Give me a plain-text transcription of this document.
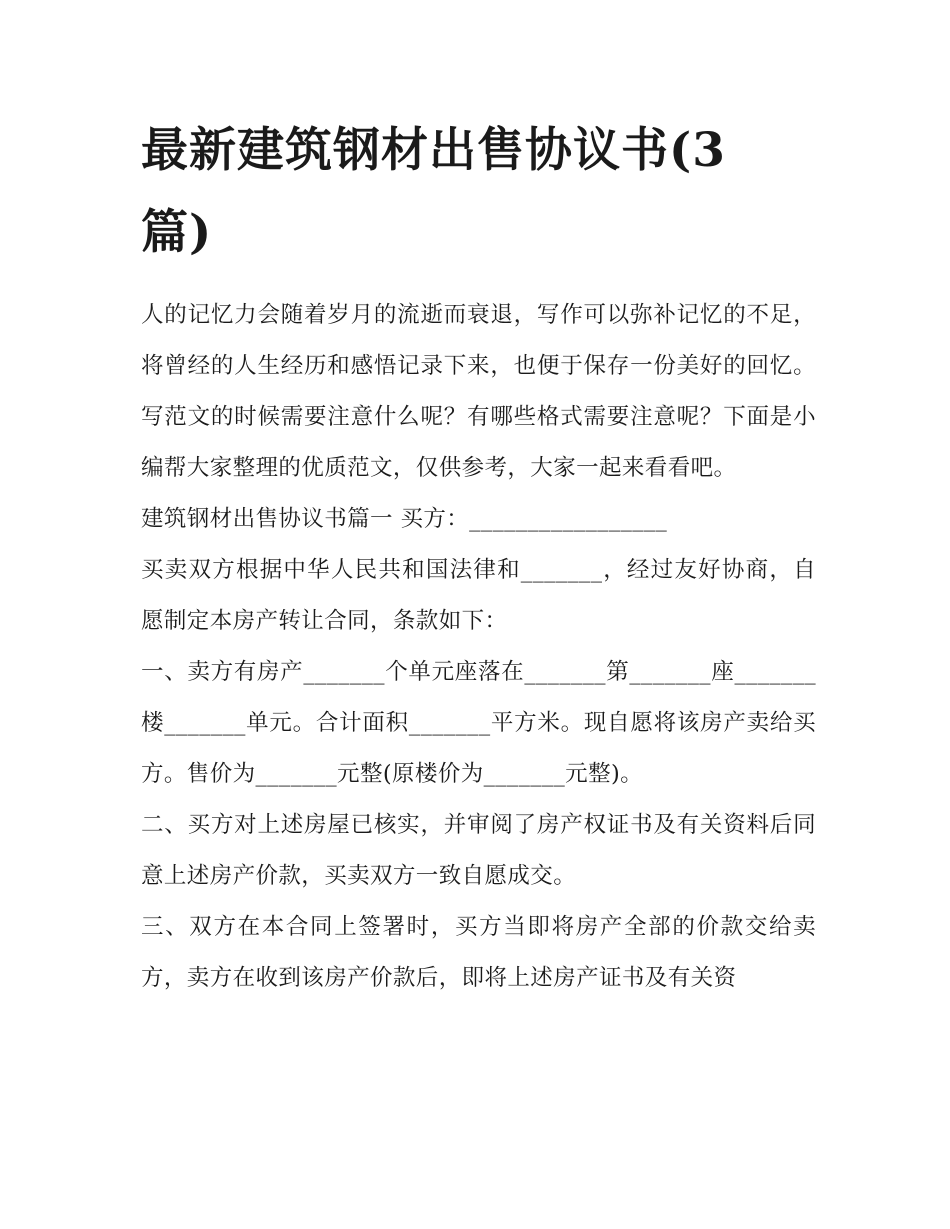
最新建筑钢材出售协议书(3篇)

人的记忆力会随着岁月的流逝而衰退，写作可以弥补记忆的不足，将曾经的人生经历和感悟记录下来，也便于保存一份美好的回忆。写范文的时候需要注意什么呢？有哪些格式需要注意呢？下面是小编帮大家整理的优质范文，仅供参考，大家一起来看看吧。

建筑钢材出售协议书篇一 买方：_________________

买卖双方根据中华人民共和国法律和_______，经过友好协商，自愿制定本房产转让合同，条款如下：

一、卖方有房产_______个单元座落在_______第_______座_______楼_______单元。合计面积_______平方米。现自愿将该房产卖给买方。售价为_______元整(原楼价为_______元整)。

二、买方对上述房屋已核实，并审阅了房产权证书及有关资料后同意上述房产价款，买卖双方一致自愿成交。

三、双方在本合同上签署时，买方当即将房产全部的价款交给卖方，卖方在收到该房产价款后，即将上述房产证书及有关资
